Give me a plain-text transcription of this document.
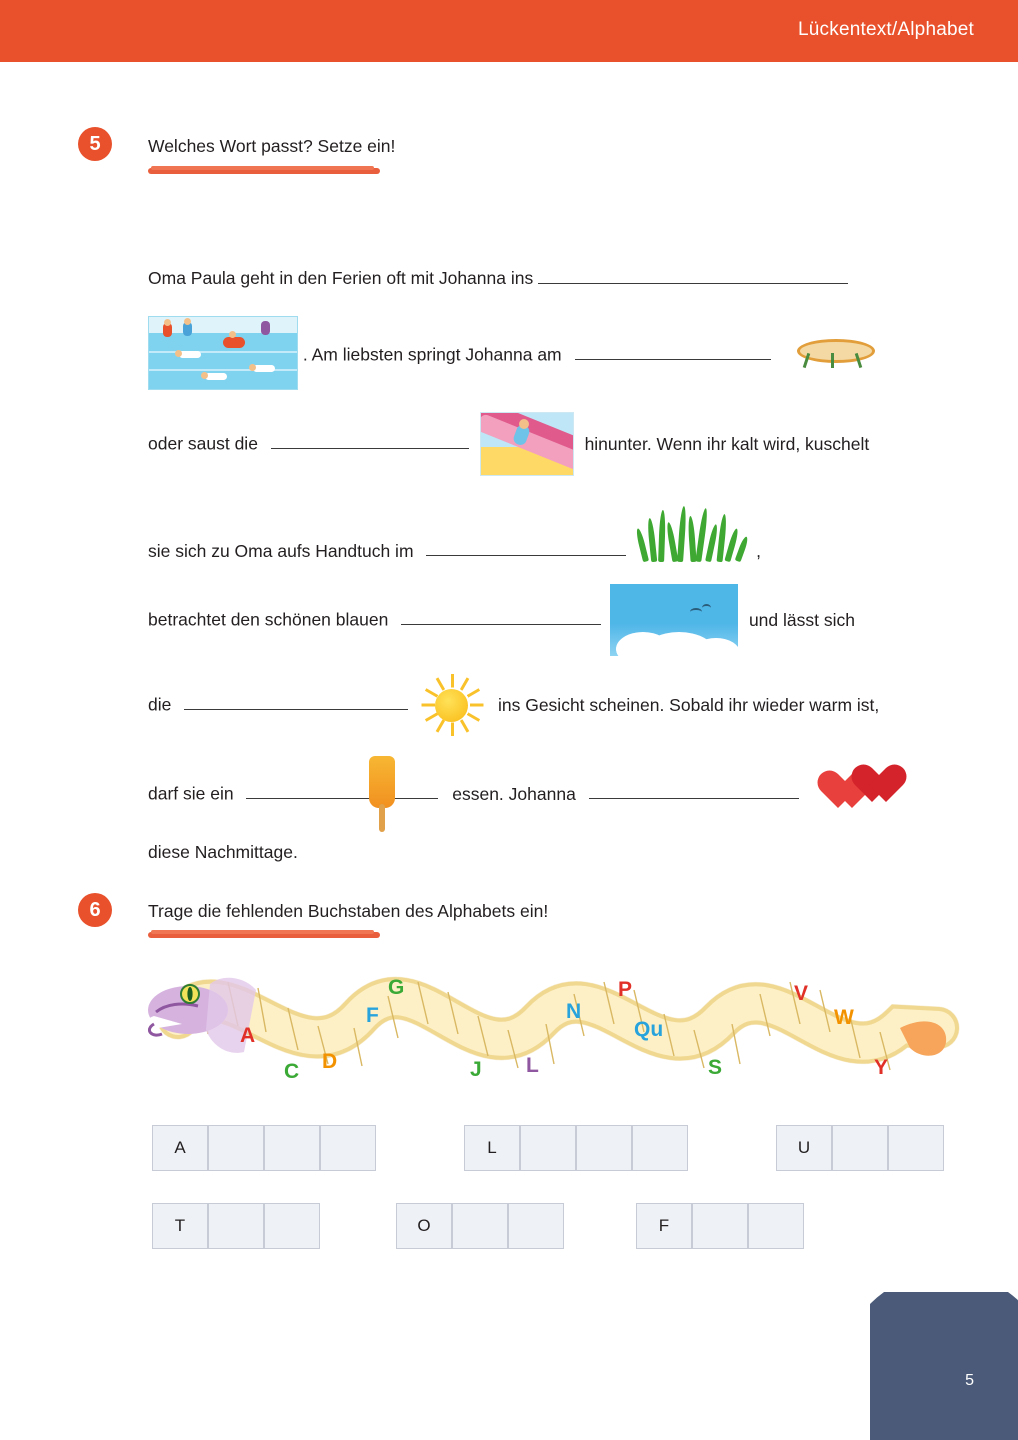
Lückentext/Alphabet
5	Welches Wort passt? Setze ein!
Oma Paula geht in den Ferien oft mit Johanna ins
. Am liebsten springt Johanna am
oder saust die	hinunter. Wenn ihr kalt wird, kuschelt
sie sich zu Oma aufs Handtuch im	,
betrachtet den schönen blauen	und lässt sich
die	ins Gesicht scheinen. Sobald ihr wieder warm ist,
darf sie ein	essen. Johanna
diese Nachmittage.
6	Trage die fehlenden Buchstaben des Alphabets ein!
A
C D
F
G
J L
N
P
Qu
S
V
W
Y
A	L	U
T	O	F
5
